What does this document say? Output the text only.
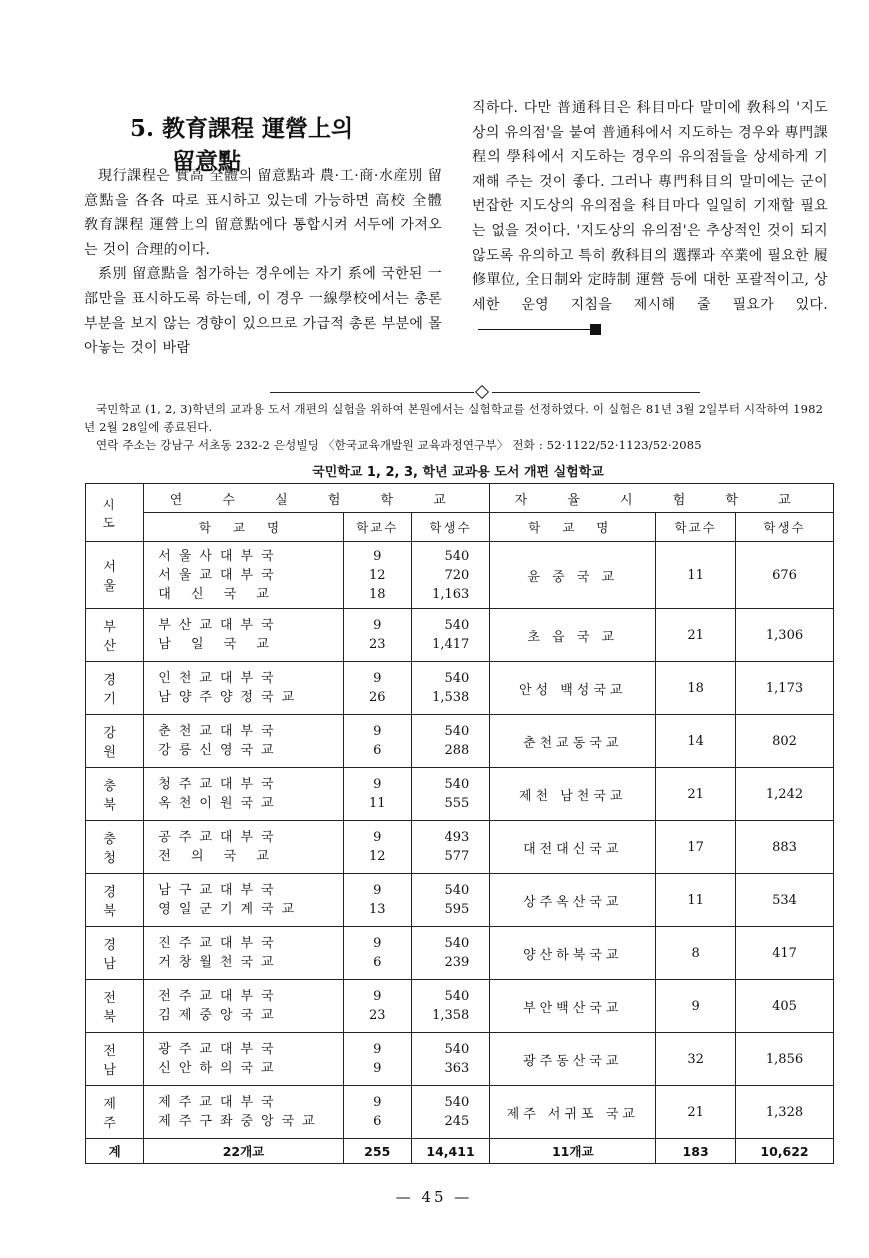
5. 教育課程 運營上의
留意點

現行課程은 實高 全體의 留意點과 農·工·商·水産別 留意點을 各各 따로 표시하고 있는데 가능하면 高校 全體 敎育課程 運營上의 留意點에다 통합시켜 서두에 가져오는 것이 合理的이다.

系別 留意點을 첨가하는 경우에는 자기 系에 국한된 一部만을 표시하도록 하는데, 이 경우 一線學校에서는 총론 부분을 보지 않는 경향이 있으므로 가급적 총론 부분에 몰아놓는 것이 바람

직하다. 다만 普通科目은 科目마다 말미에 敎科의 '지도상의 유의점'을 붙여 普通科에서 지도하는 경우와 專門課程의 學科에서 지도하는 경우의 유의점들을 상세하게 기재해 주는 것이 좋다. 그러나 專門科目의 말미에는 군이 번잡한 지도상의 유의점을 科目마다 일일히 기재할 필요는 없을 것이다. '지도상의 유의점'은 추상적인 것이 되지 않도록 유의하고 특히 敎科目의 選擇과 卒業에 필요한 履修單位, 全日制와 定時制 運營 등에 대한 포괄적이고, 상세한 운영 지침을 제시해 줄 필요가 있다.

국민학교 (1, 2, 3)학년의 교과용 도서 개편의 실험을 위하여 본원에서는 실험학교를 선정하였다. 이 실험은 81년 3월 2일부터 시작하여 1982년 2월 28일에 종료된다.

연락 주소는 강남구 서초동 232-2 은성빌딩 〈한국교육개발원 교육과정연구부〉 전화 : 52·1122/52·1123/52·2085

국민학교 1, 2, 3, 학년 교과용 도서 개편 실험학교
시 도	연 수 실 험 학 교			자 율 시 험 학 교		
	학 교 명	학교수	학생수	학 교 명	학교수	학생수
서 울	서울사대부국
서울교대부국
대 신 국 교	9
12
18	540
720
1,163	윤 중 국 교	11	676
부 산	부산교대부국
남 일 국 교	9
23	540
1,417	초 읍 국 교	21	1,306
경 기	인천교대부국
남양주양정국교	9
26	540
1,538	안성 백성국교	18	1,173
강 원	춘천교대부국
강릉신영국교	9
6	540
288	춘천교동국교	14	802
충 북	청주교대부국
옥천이원국교	9
11	540
555	제천 남천국교	21	1,242
충 청	공주교대부국
전 의 국 교	9
12	493
577	대전대신국교	17	883
경 북	남구교대부국
영일군기계국교	9
13	540
595	상주옥산국교	11	534
경 남	진주교대부국
거창월천국교	9
6	540
239	양산하북국교	8	417
전 북	전주교대부국
김제중앙국교	9
23	540
1,358	부안백산국교	9	405
전 남	광주교대부국
신안하의국교	9
9	540
363	광주동산국교	32	1,856
제 주	제주교대부국
제주구좌중앙국교	9
6	540
245	제주 서귀포 국교	21	1,328
계	22개교	255	14,411	11개교	183	10,622
— 45 —
